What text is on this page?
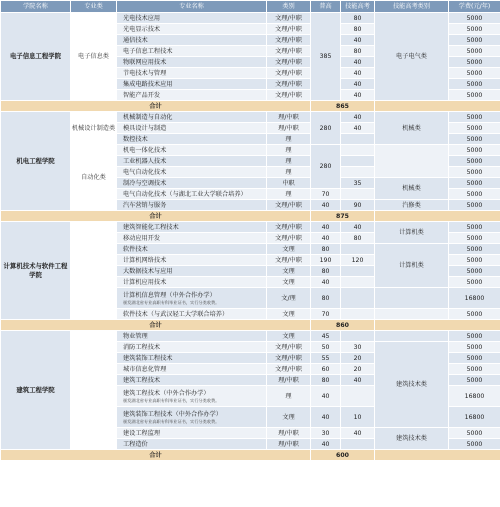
学院名称	专业类	专业名称	类别	普高	技能高考	技能高考类别	学费(元/年)
电子信息工程学院	电子信息类	光电技术应用	文理/中职	385	80	电子电气类	5000
		光电显示技术	文理/中职		80		5000
		通信技术	文理/中职		40		5000
		电子信息工程技术	文理/中职		80		5000
		物联网应用技术	文理/中职		40		5000
		节电技术与管理	文理/中职		40		5000
		集成电路技术应用	文理/中职		40		5000
		智能产品开发	文理/中职		40		5000
合计				865			
机电工程学院	机械设计制造类	机械制造与自动化	理/中职	280	40	机械类	5000
		模具设计与制造	理/中职		40		5000
		数控技术	理				5000
	自动化类	机电一体化技术	理	280			5000
		工业机器人技术	理				5000
		电气自动化技术	理				5000
		制冷与空调技术	中职		35	机械类	5000
		电气自动化技术（与湖北工业大学联合培养）	理	70			5000
		汽车营销与服务	文理/中职	40	90	汽修类	5000
合计				875			
计算机技术与软件工程学院		建筑智能化工程技术	文理/中职	40	40	计算机类	5000
		移动应用开发	文理/中职	40	80		5000
		软件技术	文理	80		计算机类	5000
		计算机网络技术	文理/中职	190	120		5000
		大数据技术与应用	文理	80			5000
		计算机应用技术	文理	40			5000
		计算机信息管理（中外合作办学）
颁发湖北省专业高职专科毕业证书，实行分类收费。	文/理	80			16800
		软件技术（与武汉轻工大学联合培养）	文理	70			5000
合计				860			
建筑工程学院		物业管理	文理	45			5000
		消防工程技术	文理/中职	50	30	建筑技术类	5000
		建筑装饰工程技术	文理/中职	55	20		5000
		城市信息化管理	文理/中职	60	20		5000
		建筑工程技术	理/中职	80	40		5000
		建筑工程技术（中外合作办学）
颁发湖北省专业高职专科毕业证书，实行分类收费。	理	40			16800
		建筑装饰工程技术（中外合作办学）
颁发湖北省专业高职专科毕业证书，实行分类收费。	文理	40	10		16800
		建设工程监理	理/中职	30	40	建筑技术类	5000
		工程造价	理/中职	40			5000
合计				600			
